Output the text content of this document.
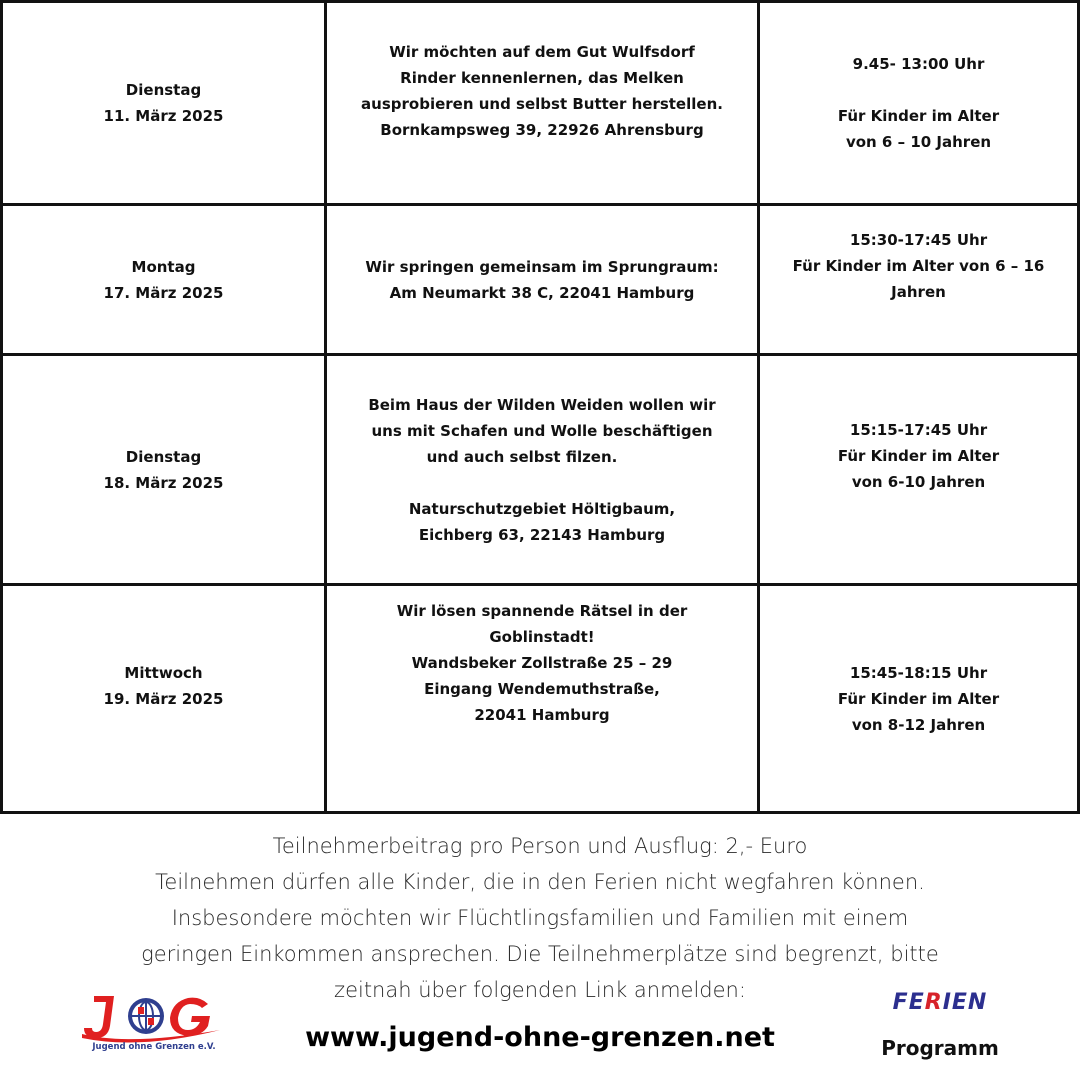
Dienstag
11. März 2025
Wir möchten auf dem Gut Wulfsdorf
Rinder kennenlernen, das Melken
ausprobieren und selbst Butter herstellen.
Bornkampsweg 39, 22926 Ahrensburg
9.45- 13:00 Uhr
Für Kinder im Alter
von 6 – 10 Jahren
Montag
17. März 2025
Wir springen gemeinsam im Sprungraum:
Am Neumarkt 38 C, 22041 Hamburg
15:30-17:45 Uhr
Für Kinder im Alter von 6 – 16
Jahren
Dienstag
18. März 2025
Beim Haus der Wilden Weiden wollen wir
uns mit Schafen und Wolle beschäftigen
und auch selbst filzen.
Naturschutzgebiet Höltigbaum,
Eichberg 63, 22143 Hamburg
15:15-17:45 Uhr
Für Kinder im Alter
von 6-10 Jahren
Mittwoch
19. März 2025
Wir lösen spannende Rätsel in der
Goblinstadt!
Wandsbeker Zollstraße 25 – 29
Eingang Wendemuthstraße,
22041 Hamburg
15:45-18:15 Uhr
Für Kinder im Alter
von 8-12 Jahren
Teilnehmerbeitrag pro Person und Ausflug: 2,- Euro
Teilnehmen dürfen alle Kinder, die in den Ferien nicht wegfahren können.
Insbesondere möchten wir Flüchtlingsfamilien und Familien mit einem
geringen Einkommen ansprechen. Die Teilnehmerplätze sind begrenzt, bitte
zeitnah über folgenden Link anmelden:
Jugend ohne Grenzen e.V.	www.jugend-ohne-grenzen.net
FERIEN
Programm
